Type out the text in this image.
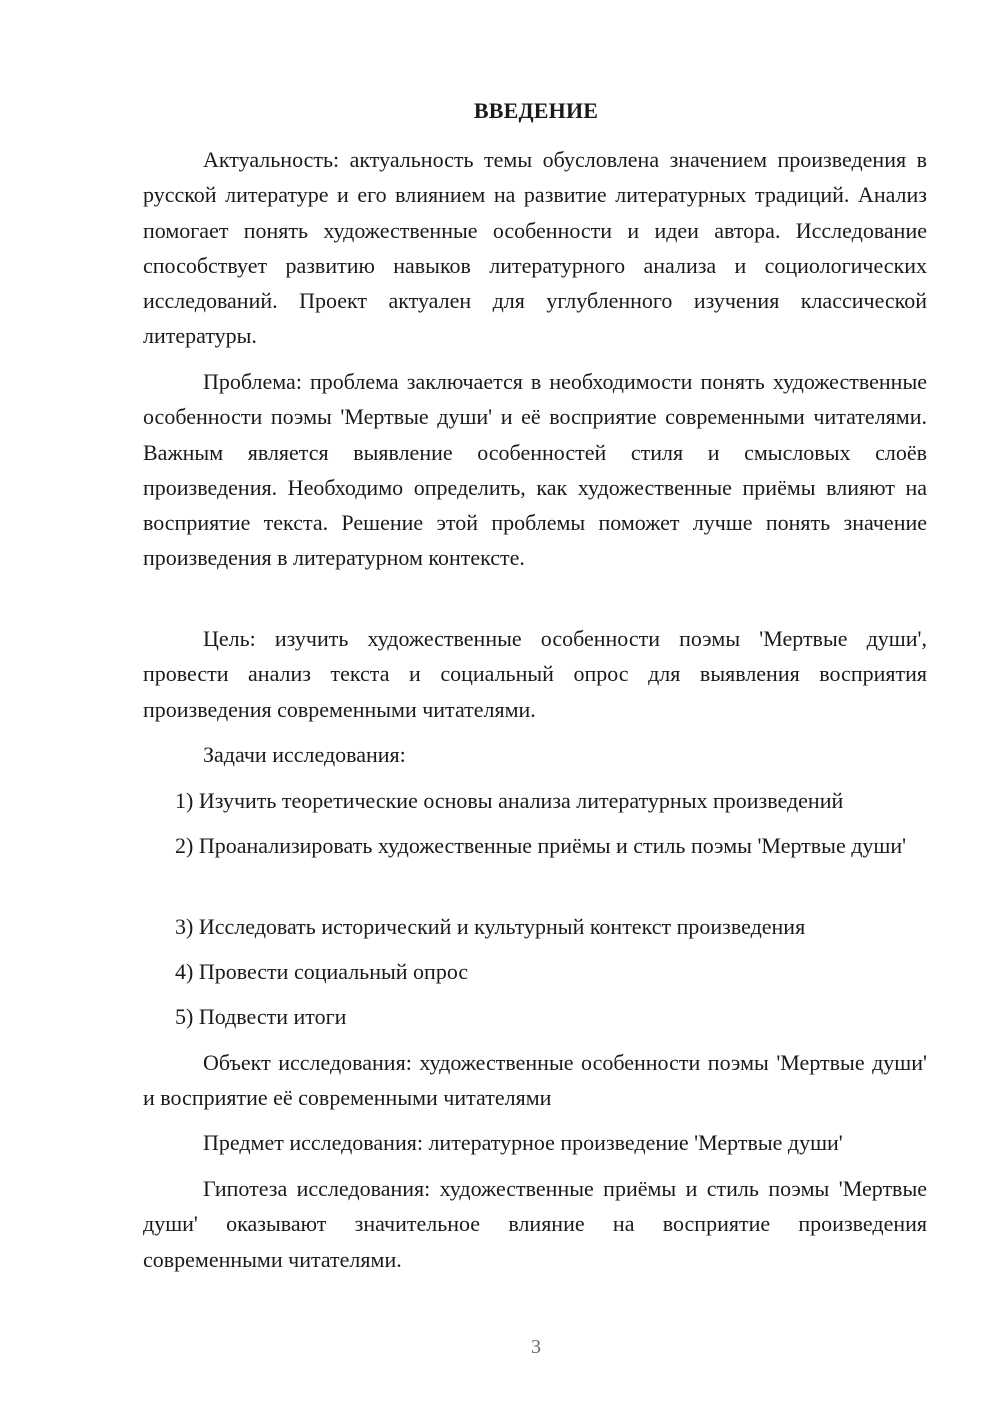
ВВЕДЕНИЕ

Актуальность: актуальность темы обусловлена значением произведения в русской литературе и его влиянием на развитие литературных традиций. Анализ помогает понять художественные особенности и идеи автора. Исследование способствует развитию навыков литературного анализа и социологических исследований. Проект актуален для углубленного изучения классической литературы.

Проблема: проблема заключается в необходимости понять художественные особенности поэмы 'Мертвые души' и её восприятие современными читателями. Важным является выявление особенностей стиля и смысловых слоёв произведения. Необходимо определить, как художественные приёмы влияют на восприятие текста. Решение этой проблемы поможет лучше понять значение произведения в литературном контексте.

Цель: изучить художественные особенности поэмы 'Мертвые души', провести анализ текста и социальный опрос для выявления восприятия произведения современными читателями.

Задачи исследования:

1) Изучить теоретические основы анализа литературных произведений

2) Проанализировать художественные приёмы и стиль поэмы 'Мертвые души'

3) Исследовать исторический и культурный контекст произведения

4) Провести социальный опрос

5) Подвести итоги

Объект исследования: художественные особенности поэмы 'Мертвые души' и восприятие её современными читателями

Предмет исследования: литературное произведение 'Мертвые души'

Гипотеза исследования: художественные приёмы и стиль поэмы 'Мертвые души' оказывают значительное влияние на восприятие произведения современными читателями.

3
